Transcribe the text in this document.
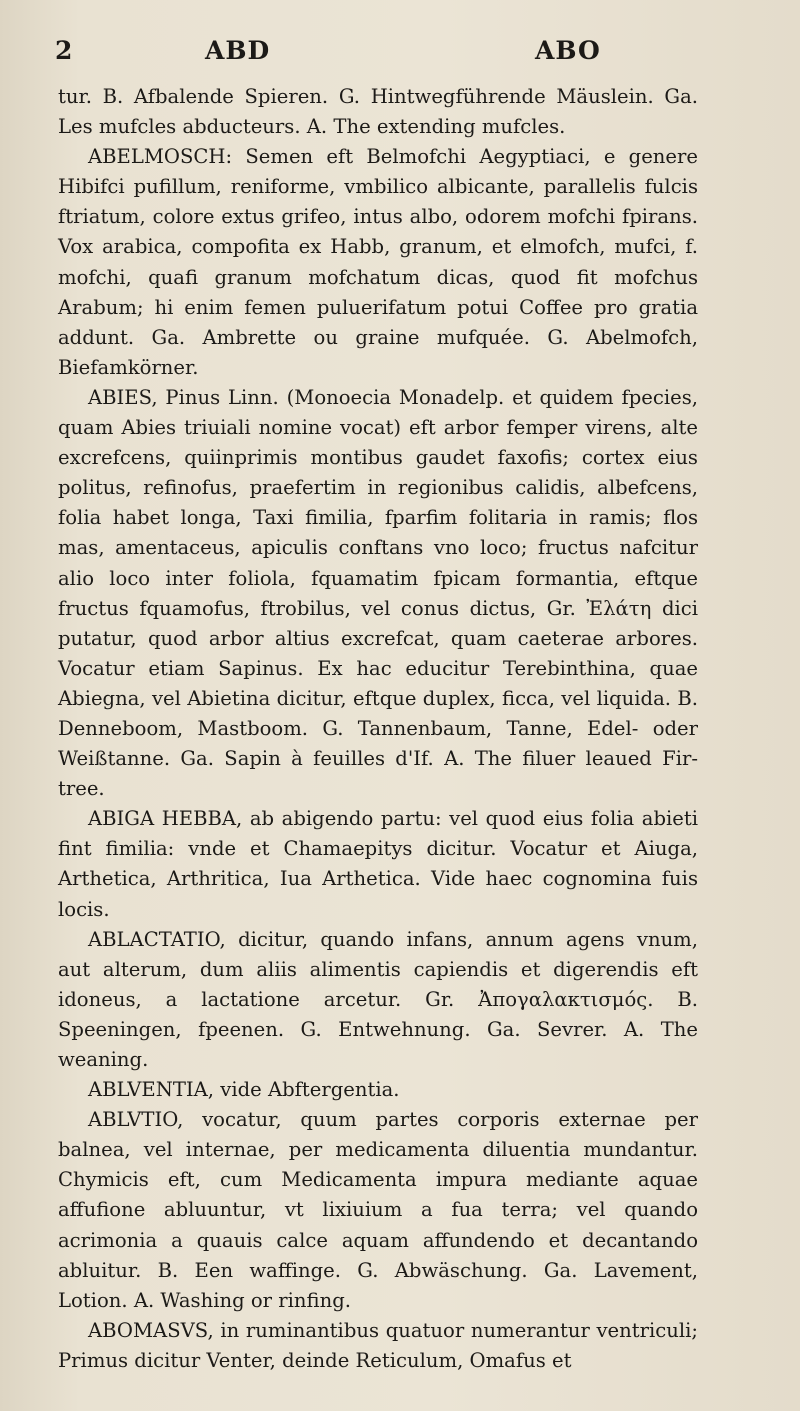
2	ABD	ABO

tur. B. Afbalende Spieren. G. Hintwegführende Mäuslein. Ga. Les mufcles abducteurs. A. The extending mufcles.

ABELMOSCH: Semen eft Belmofchi Aegyptiaci, e genere Hibifci pufillum, reniforme, vmbilico albicante, parallelis fulcis ftriatum, colore extus grifeo, intus albo, odorem mofchi fpirans. Vox arabica, compofita ex Habb, granum, et elmofch, mufci, f. mofchi, quafi granum mofchatum dicas, quod fit mofchus Arabum; hi enim femen puluerifatum potui Coffee pro gratia addunt. Ga. Ambrette ou graine mufquée. G. Abelmofch, Biefamkörner.

ABIES, Pinus Linn. (Monoecia Monadelp. et quidem fpecies, quam Abies triuiali nomine vocat) eft arbor femper virens, alte excrefcens, quiinprimis montibus gaudet faxofis; cortex eius politus, refinofus, praefertim in regionibus calidis, albefcens, folia habet longa, Taxi fimilia, fparfim folitaria in ramis; flos mas, amentaceus, apiculis conftans vno loco; fructus nafcitur alio loco inter foliola, fquamatim fpicam formantia, eftque fructus fquamofus, ftrobilus, vel conus dictus, Gr. Ἐλάτη dici putatur, quod arbor altius excrefcat, quam caeterae arbores. Vocatur etiam Sapinus. Ex hac educitur Terebinthina, quae Abiegna, vel Abietina dicitur, eftque duplex, ficca, vel liquida. B. Denneboom, Mastboom. G. Tannenbaum, Tanne, Edel- oder Weißtanne. Ga. Sapin à feuilles d'If. A. The filuer leaued Fir-tree.

ABIGA HEBBA, ab abigendo partu: vel quod eius folia abieti fint fimilia: vnde et Chamaepitys dicitur. Vocatur et Aiuga, Arthetica, Arthritica, Iua Arthetica. Vide haec cognomina fuis locis.

ABLACTATIO, dicitur, quando infans, annum agens vnum, aut alterum, dum aliis alimentis capiendis et digerendis eft idoneus, a lactatione arcetur. Gr. Ἀπογαλακτισμός. B. Speeningen, fpeenen. G. Entwehnung. Ga. Sevrer. A. The weaning.

ABLVENTIA, vide Abftergentia.

ABLVTIO, vocatur, quum partes corporis externae per balnea, vel internae, per medicamenta diluentia mundantur. Chymicis eft, cum Medicamenta impura mediante aquae affufione abluuntur, vt lixiuium a fua terra; vel quando acrimonia a quauis calce aquam affundendo et decantando abluitur. B. Een waffinge. G. Abwäschung. Ga. Lavement, Lotion. A. Washing or rinfing.

ABOMASVS, in ruminantibus quatuor numerantur ventriculi; Primus dicitur Venter, deinde Reticulum, Omafus et
